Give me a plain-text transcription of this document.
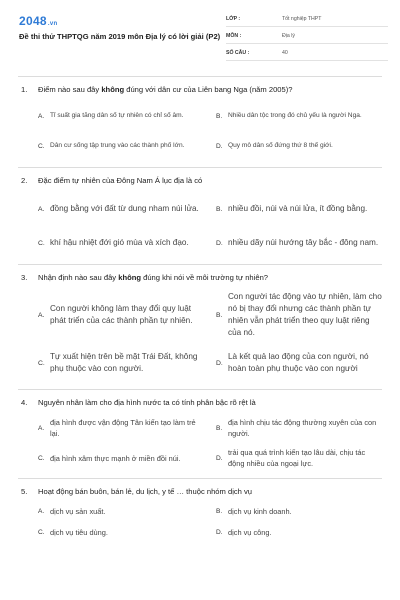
2048.vn
Đề thi thử THPTQG năm 2019 môn Địa lý có lời giải (P2)
LỚP :	Tốt nghiệp THPT
MÔN :	Địa lý
SỐ CÂU :	40
1. Điểm nào sau đây không đúng với dân cư của Liên bang Nga (năm 2005)?
A. Tỉ suất gia tăng dân số tự nhiên có chỉ số âm.	B. Nhiều dân tộc trong đó chủ yếu là người Nga.
C. Dân cư sống tập trung vào các thành phố lớn.	D. Quy mô dân số đứng thứ 8 thế giới.
2. Đặc điểm tự nhiên của Đông Nam Á lục địa là có
A. đồng bằng với đất từ dung nham núi lửa.	B. nhiều đồi, núi và núi lửa, ít đồng bằng.
C. khí hậu nhiệt đới gió mùa và xích đạo.	D. nhiều dãy núi hướng tây bắc - đông nam.
3. Nhận định nào sau đây không đúng khi nói về môi trường tự nhiên?
A.
Con người không làm thay đổi quy luật phát triển của các thành phần tự nhiên.
B.
Con người tác động vào tự nhiên, làm cho nó bị thay đổi nhưng các thành phần tự nhiên vẫn phát triển theo quy luật riêng của nó.
C.
Tự xuất hiện trên bề mặt Trái Đất, không phụ thuộc vào con người.
D.
Là kết quả lao động của con người, nó hoàn toàn phụ thuộc vào con người
4. Nguyên nhân làm cho địa hình nước ta có tính phân bậc rõ rệt là
A.
địa hình được vận động Tân kiến tạo làm trẻ lại.
B.
địa hình chịu tác động thường xuyên của con người.
C. địa hình xâm thực mạnh ở miền đồi núi.	D.
trải qua quá trình kiến tạo lâu dài, chịu tác động nhiều của ngoại lực.
5. Hoạt động bán buôn, bán lẻ, du lịch, y tế … thuộc nhóm dịch vụ
A. dịch vụ sản xuất.	B. dịch vụ kinh doanh.
C. dịch vụ tiêu dùng.	D. dịch vụ công.
